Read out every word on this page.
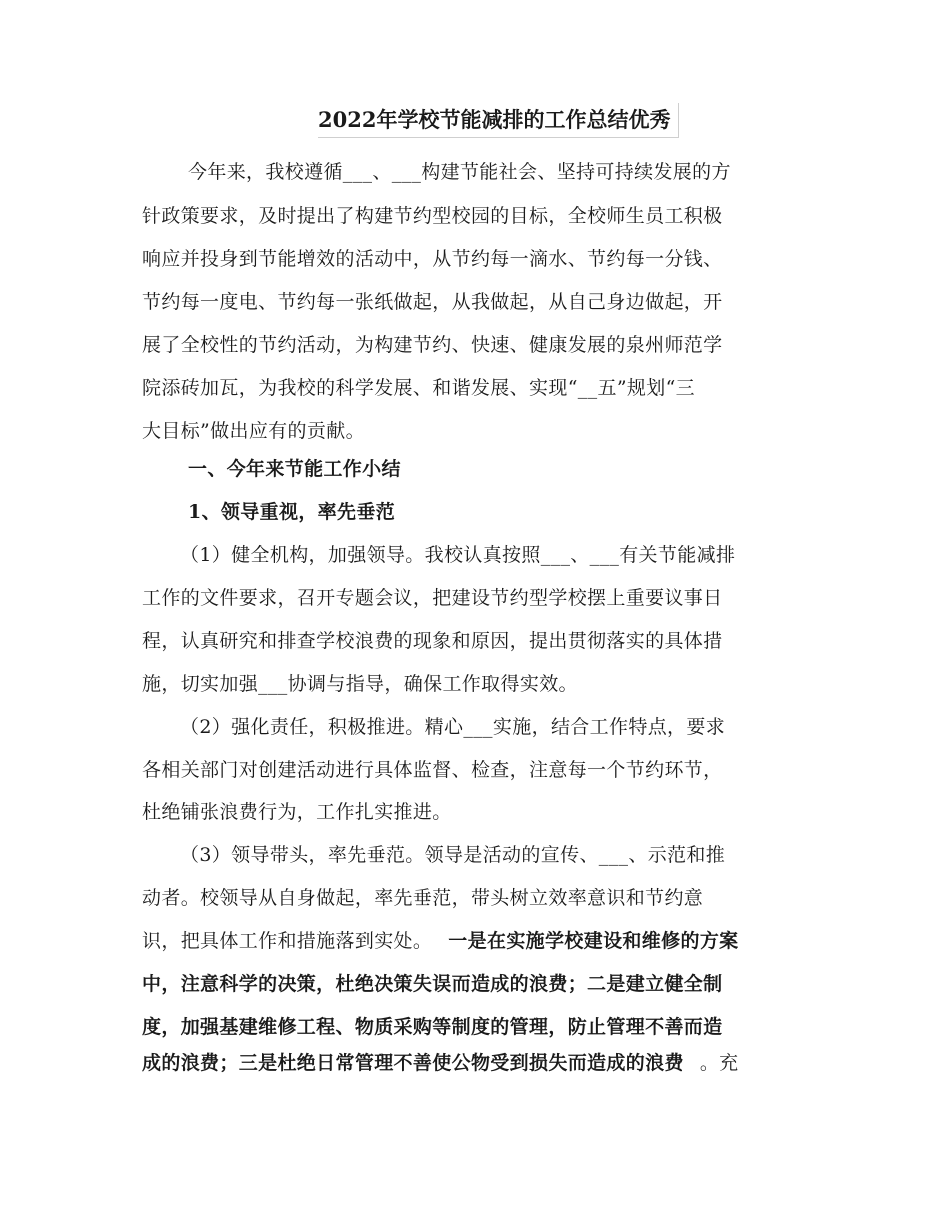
2022年学校节能减排的工作总结优秀
今年来，我校遵循___、___构建节能社会、坚持可持续发展的方
针政策要求，及时提出了构建节约型校园的目标，全校师生员工积极
响应并投身到节能增效的活动中，从节约每一滴水、节约每一分钱、
节约每一度电、节约每一张纸做起，从我做起，从自己身边做起，开
展了全校性的节约活动，为构建节约、快速、健康发展的泉州师范学
院添砖加瓦，为我校的科学发展、和谐发展、实现“__五”规划“三
大目标”做出应有的贡献。
一、今年来节能工作小结
1、领导重视，率先垂范
（1）健全机构，加强领导。我校认真按照___、___有关节能减排
工作的文件要求，召开专题会议，把建设节约型学校摆上重要议事日
程，认真研究和排查学校浪费的现象和原因，提出贯彻落实的具体措
施，切实加强___协调与指导，确保工作取得实效。
（2）强化责任，积极推进。精心___实施，结合工作特点，要求
各相关部门对创建活动进行具体监督、检查，注意每一个节约环节，
杜绝铺张浪费行为，工作扎实推进。
（3）领导带头，率先垂范。领导是活动的宣传、___、示范和推
动者。校领导从自身做起，率先垂范，带头树立效率意识和节约意
识，把具体工作和措施落到实处。 一是在实施学校建设和维修的方案
中，注意科学的决策，杜绝决策失误而造成的浪费；二是建立健全制
度，加强基建维修工程、物质采购等制度的管理，防止管理不善而造
成的浪费；三是杜绝日常管理不善使公物受到损失而造成的浪费 。充
